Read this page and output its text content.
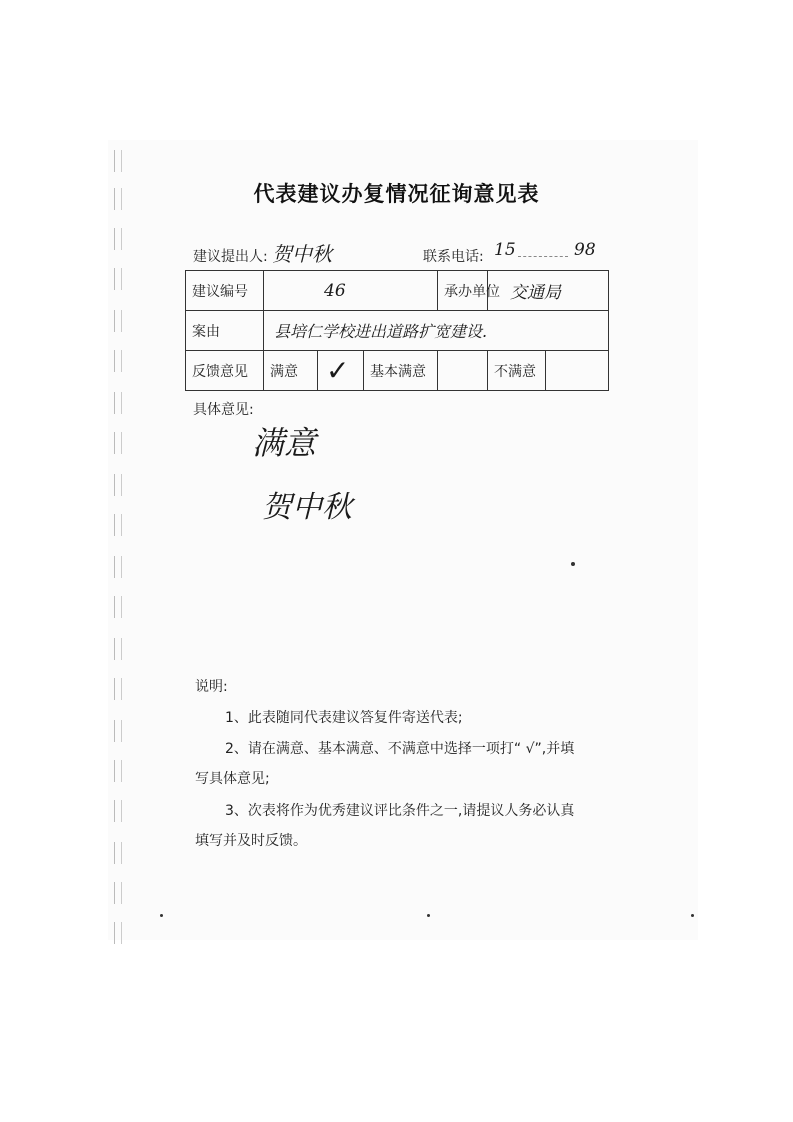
代表建议办复情况征询意见表
建议提出人: 贺中秋	联系电话: 15	98
建议编号	46			承办单位	交通局	
案由	县培仁学校进出道路扩宽建设.					
反馈意见	满意	✓	基本满意		不满意	
具体意见:
满意
贺中秋
说明:
1、此表随同代表建议答复件寄送代表;
2、请在满意、基本满意、不满意中选择一项打“ √”,并填
写具体意见;
3、次表将作为优秀建议评比条件之一,请提议人务必认真
填写并及时反馈。
